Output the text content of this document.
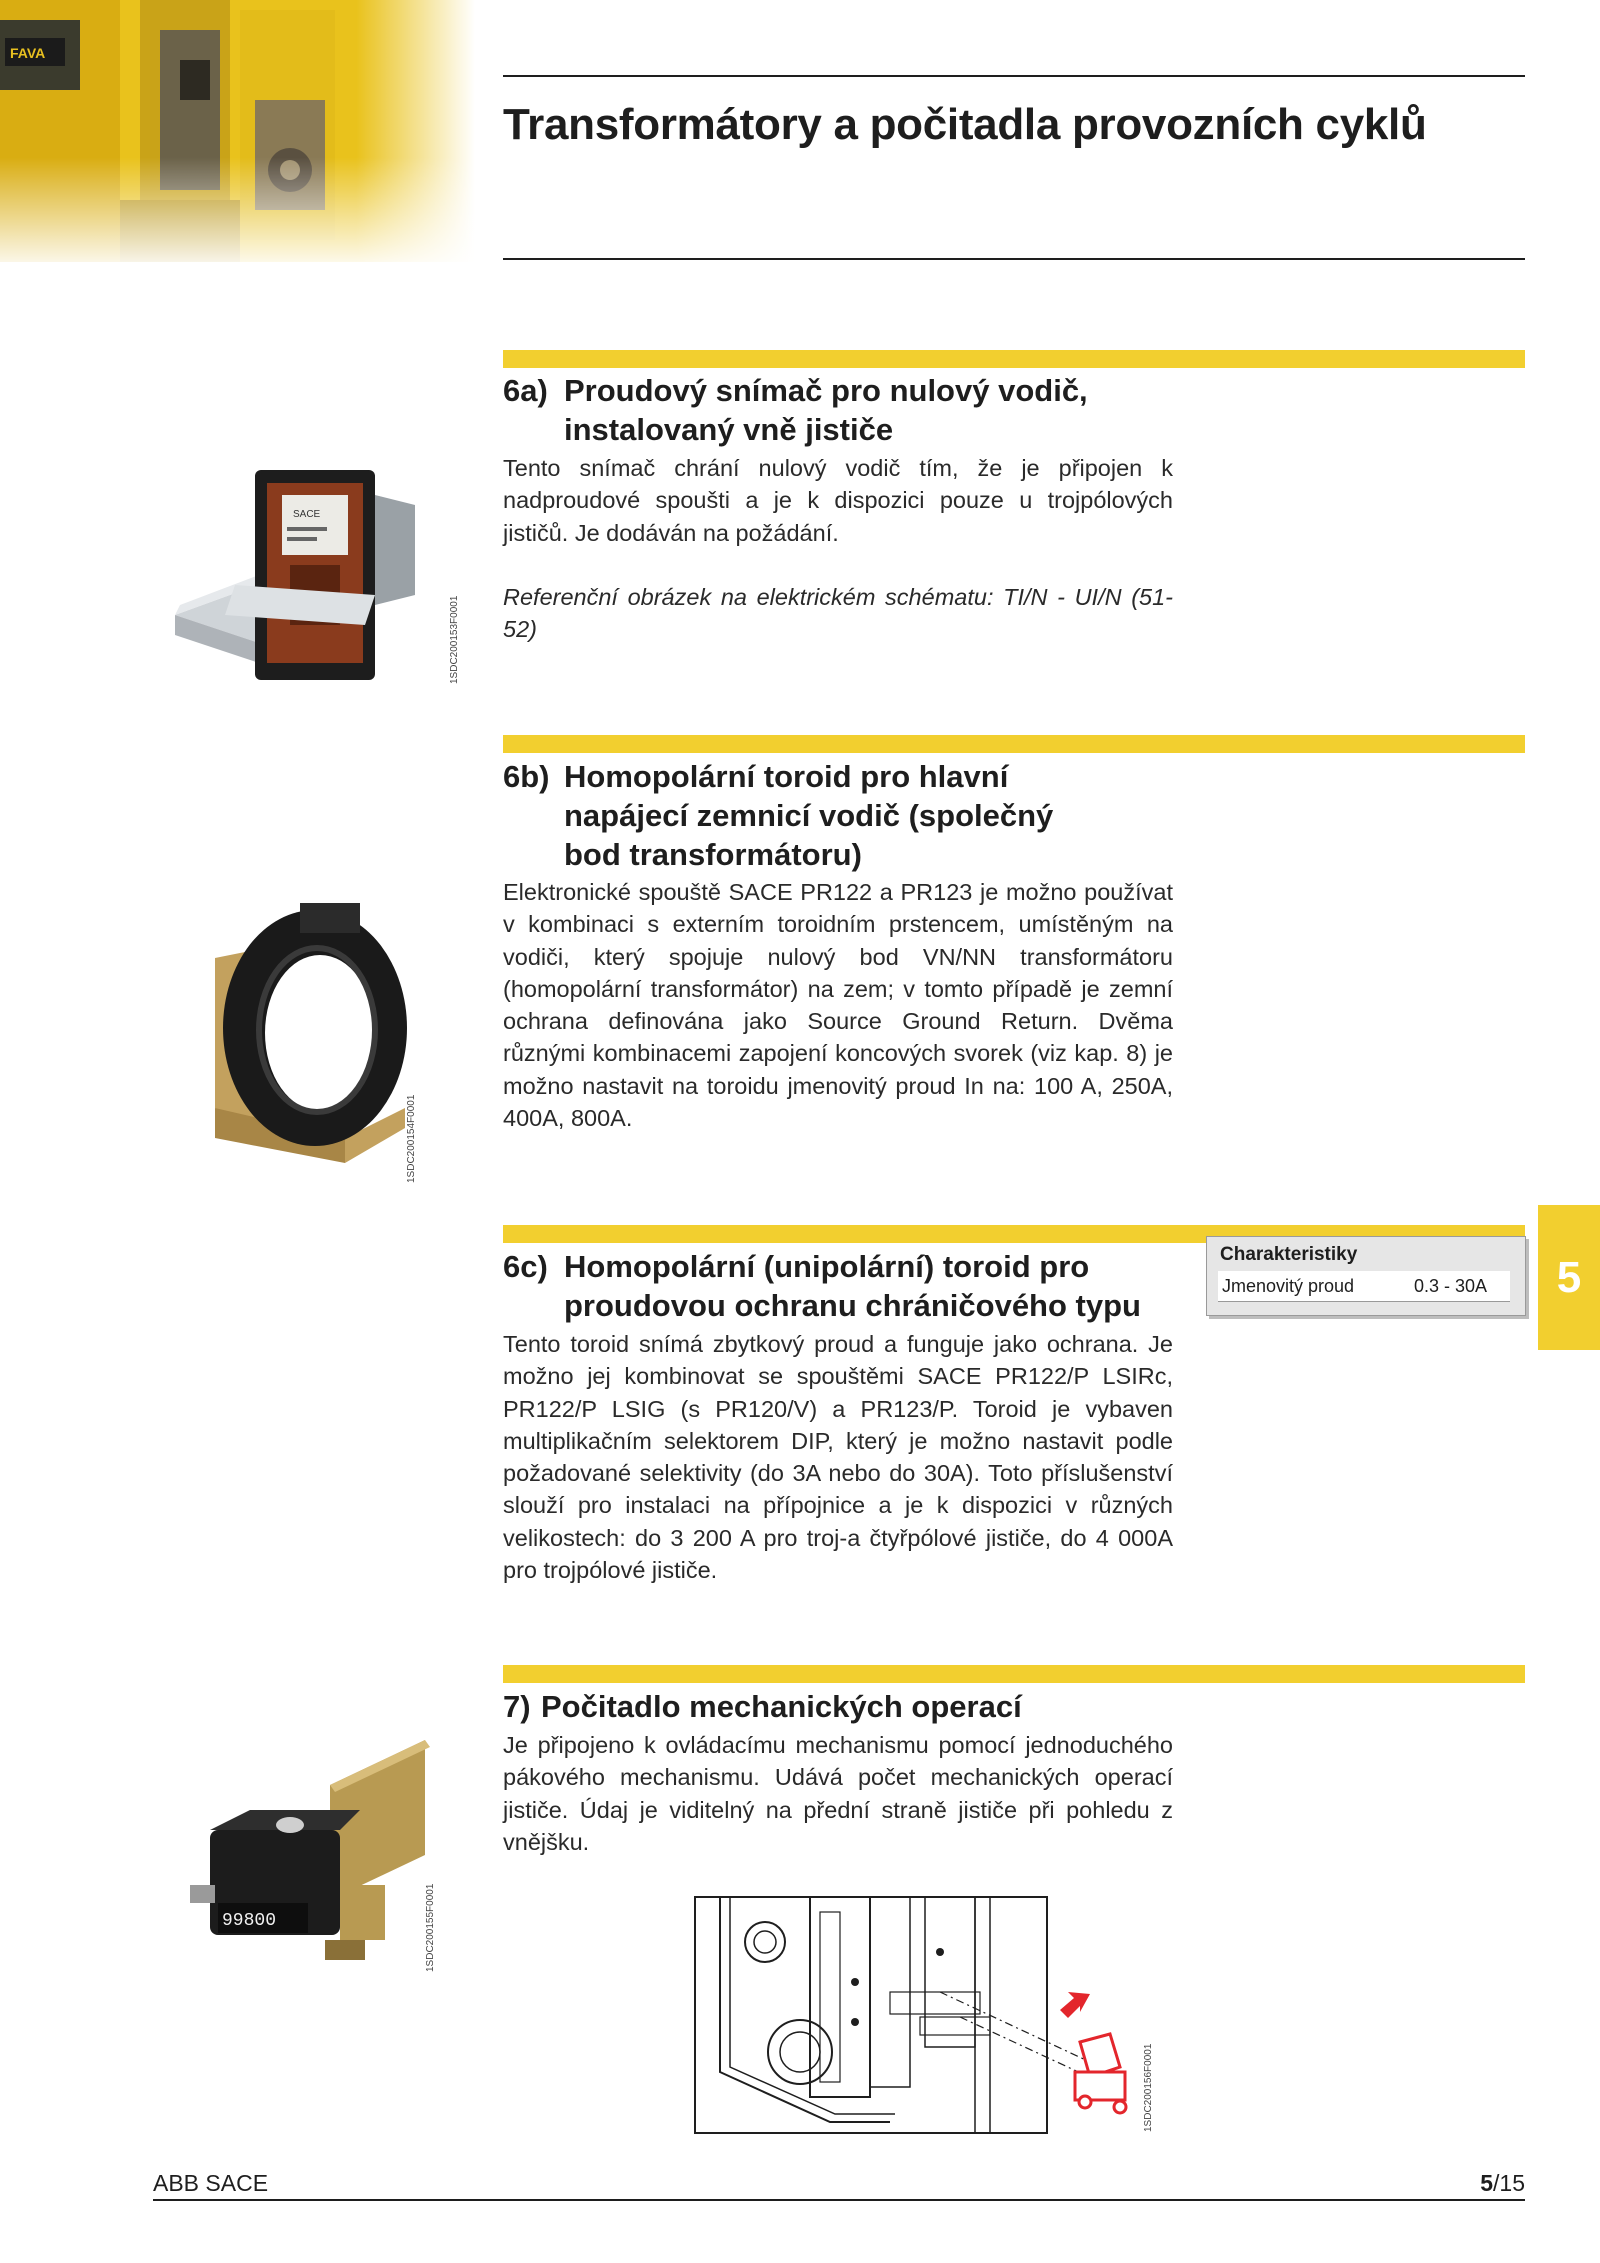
Transformátory a počitadla provozních cyklů
6a) Proudový snímač pro nulový vodič,
instalovaný vně jističe
Tento snímač chrání nulový vodič tím, že je připojen k nadproudové spoušti a je k dispozici pouze u trojpólových jističů. Je dodáván na požádání.
Referenční obrázek na elektrickém schématu: TI/N - UI/N (51-52)
SACE
1SDC200153F0001
6b) Homopolární toroid pro hlavní
napájecí zemnicí vodič (společný
bod transformátoru)
Elektronické spouště SACE PR122 a PR123 je možno používat v kombinaci s externím toroidním prstencem, umístěným na vodiči, který spojuje nulový bod VN/NN transformátoru (homopolární transformátor) na zem; v tomto případě je zemní ochrana definována jako Source Ground Return. Dvěma různými kombinacemi zapojení koncových svorek (viz kap. 8) je možno nastavit na toroidu jmenovitý proud In na: 100 A, 250A, 400A, 800A.
1SDC200154F0001
6c) Homopolární (unipolární) toroid pro
proudovou ochranu chráničového typu
Tento toroid snímá zbytkový proud a funguje jako ochrana. Je možno jej kombinovat se spouštěmi SACE PR122/P LSIRc, PR122/P LSIG (s PR120/V) a PR123/P. Toroid je vybaven multiplikačním selektorem DIP, který je možno nastavit podle požadované selektivity (do 3A nebo do 30A). Toto příslušenství slouží pro instalaci na přípojnice a je k dispozici v různých velikostech: do 3 200 A pro troj-a čtyřpólové jističe, do 4 000A pro trojpólové jističe.
Charakteristiky
Jmenovitý proud	0.3 - 30A	5
7) Počitadlo mechanických operací
Je připojeno k ovládacímu mechanismu pomocí jednoduchého pákového mechanismu. Udává počet mechanických operací jističe. Údaj je viditelný na přední straně jističe při pohledu z vnějšku.
99800	1SDC200155F0001
1SDC200156F0001
ABB SACE	5/15
